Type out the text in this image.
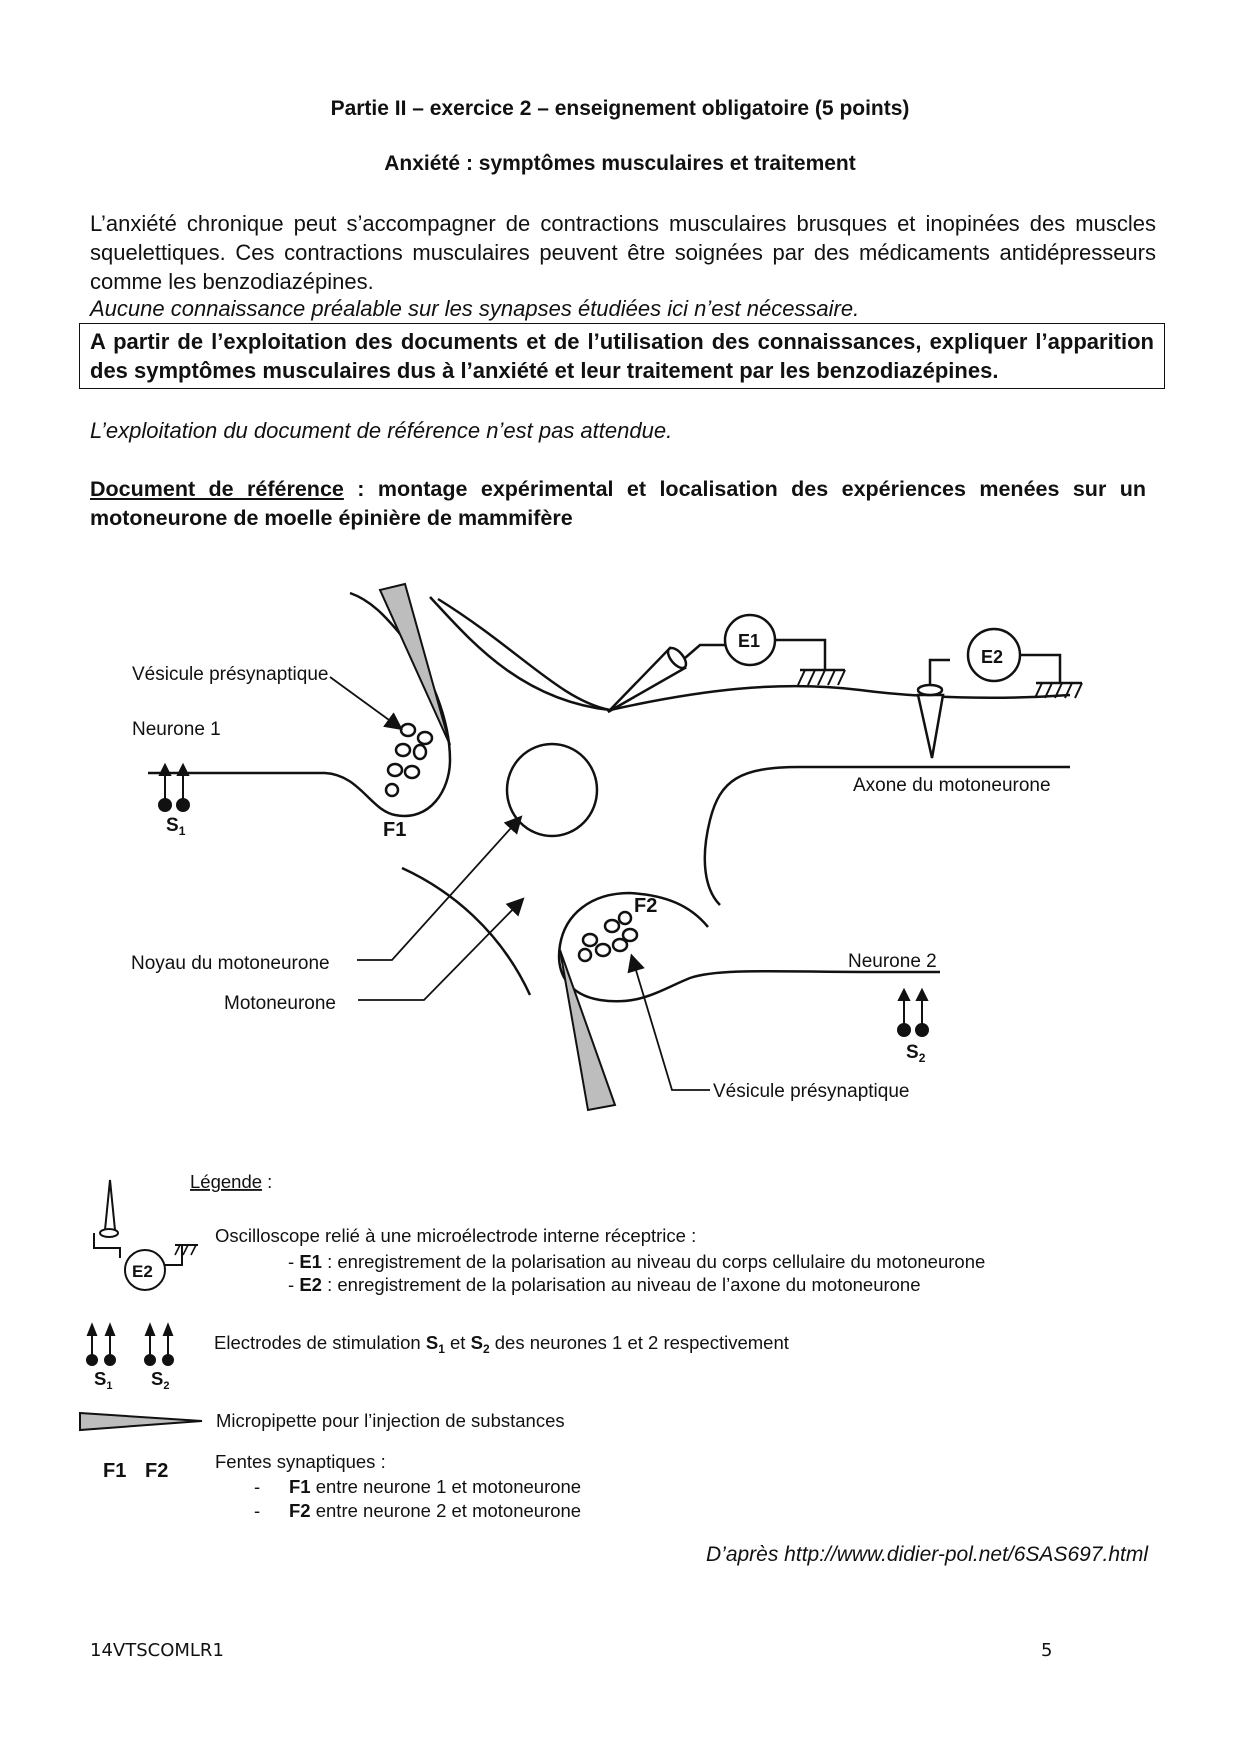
Partie II – exercice 2 – enseignement obligatoire (5 points)
Anxiété : symptômes musculaires et traitement
L’anxiété chronique peut s’accompagner de contractions musculaires brusques et inopinées des muscles squelettiques. Ces contractions musculaires peuvent être soignées par des médicaments antidépresseurs comme les benzodiazépines.
Aucune connaissance préalable sur les synapses étudiées ici n’est nécessaire.
A partir de l’exploitation des documents et de l’utilisation des connaissances, expliquer l’apparition des symptômes musculaires dus à l’anxiété et leur traitement par les benzodiazépines.
L’exploitation du document de référence n’est pas attendue.
Document de référence : montage expérimental et localisation des expériences menées sur un motoneurone de moelle épinière de mammifère
Vésicule présynaptique
Neurone 1
$S_1$	F1
E1
E2
Axone du motoneurone
F2
Noyau du motoneurone
Motoneurone
Neurone 2
$S_2$
Vésicule présynaptique
Légende :
Oscilloscope relié à une microélectrode interne réceptrice :
- E1 : enregistrement de la polarisation au niveau du corps cellulaire du motoneurone
- E2 : enregistrement de la polarisation au niveau de l’axone du motoneurone
E2
Electrodes de stimulation $S_1$ et $S_2$ des neurones 1 et 2 respectivement
$S_1$ $S_2$
Micropipette pour l’injection de substances
F1 F2	Fentes synaptiques :
- F1 entre neurone 1 et motoneurone
- F2 entre neurone 2 et motoneurone
D’après http://www.didier-pol.net/6SAS697.html
14VTSCOMLR1	5
